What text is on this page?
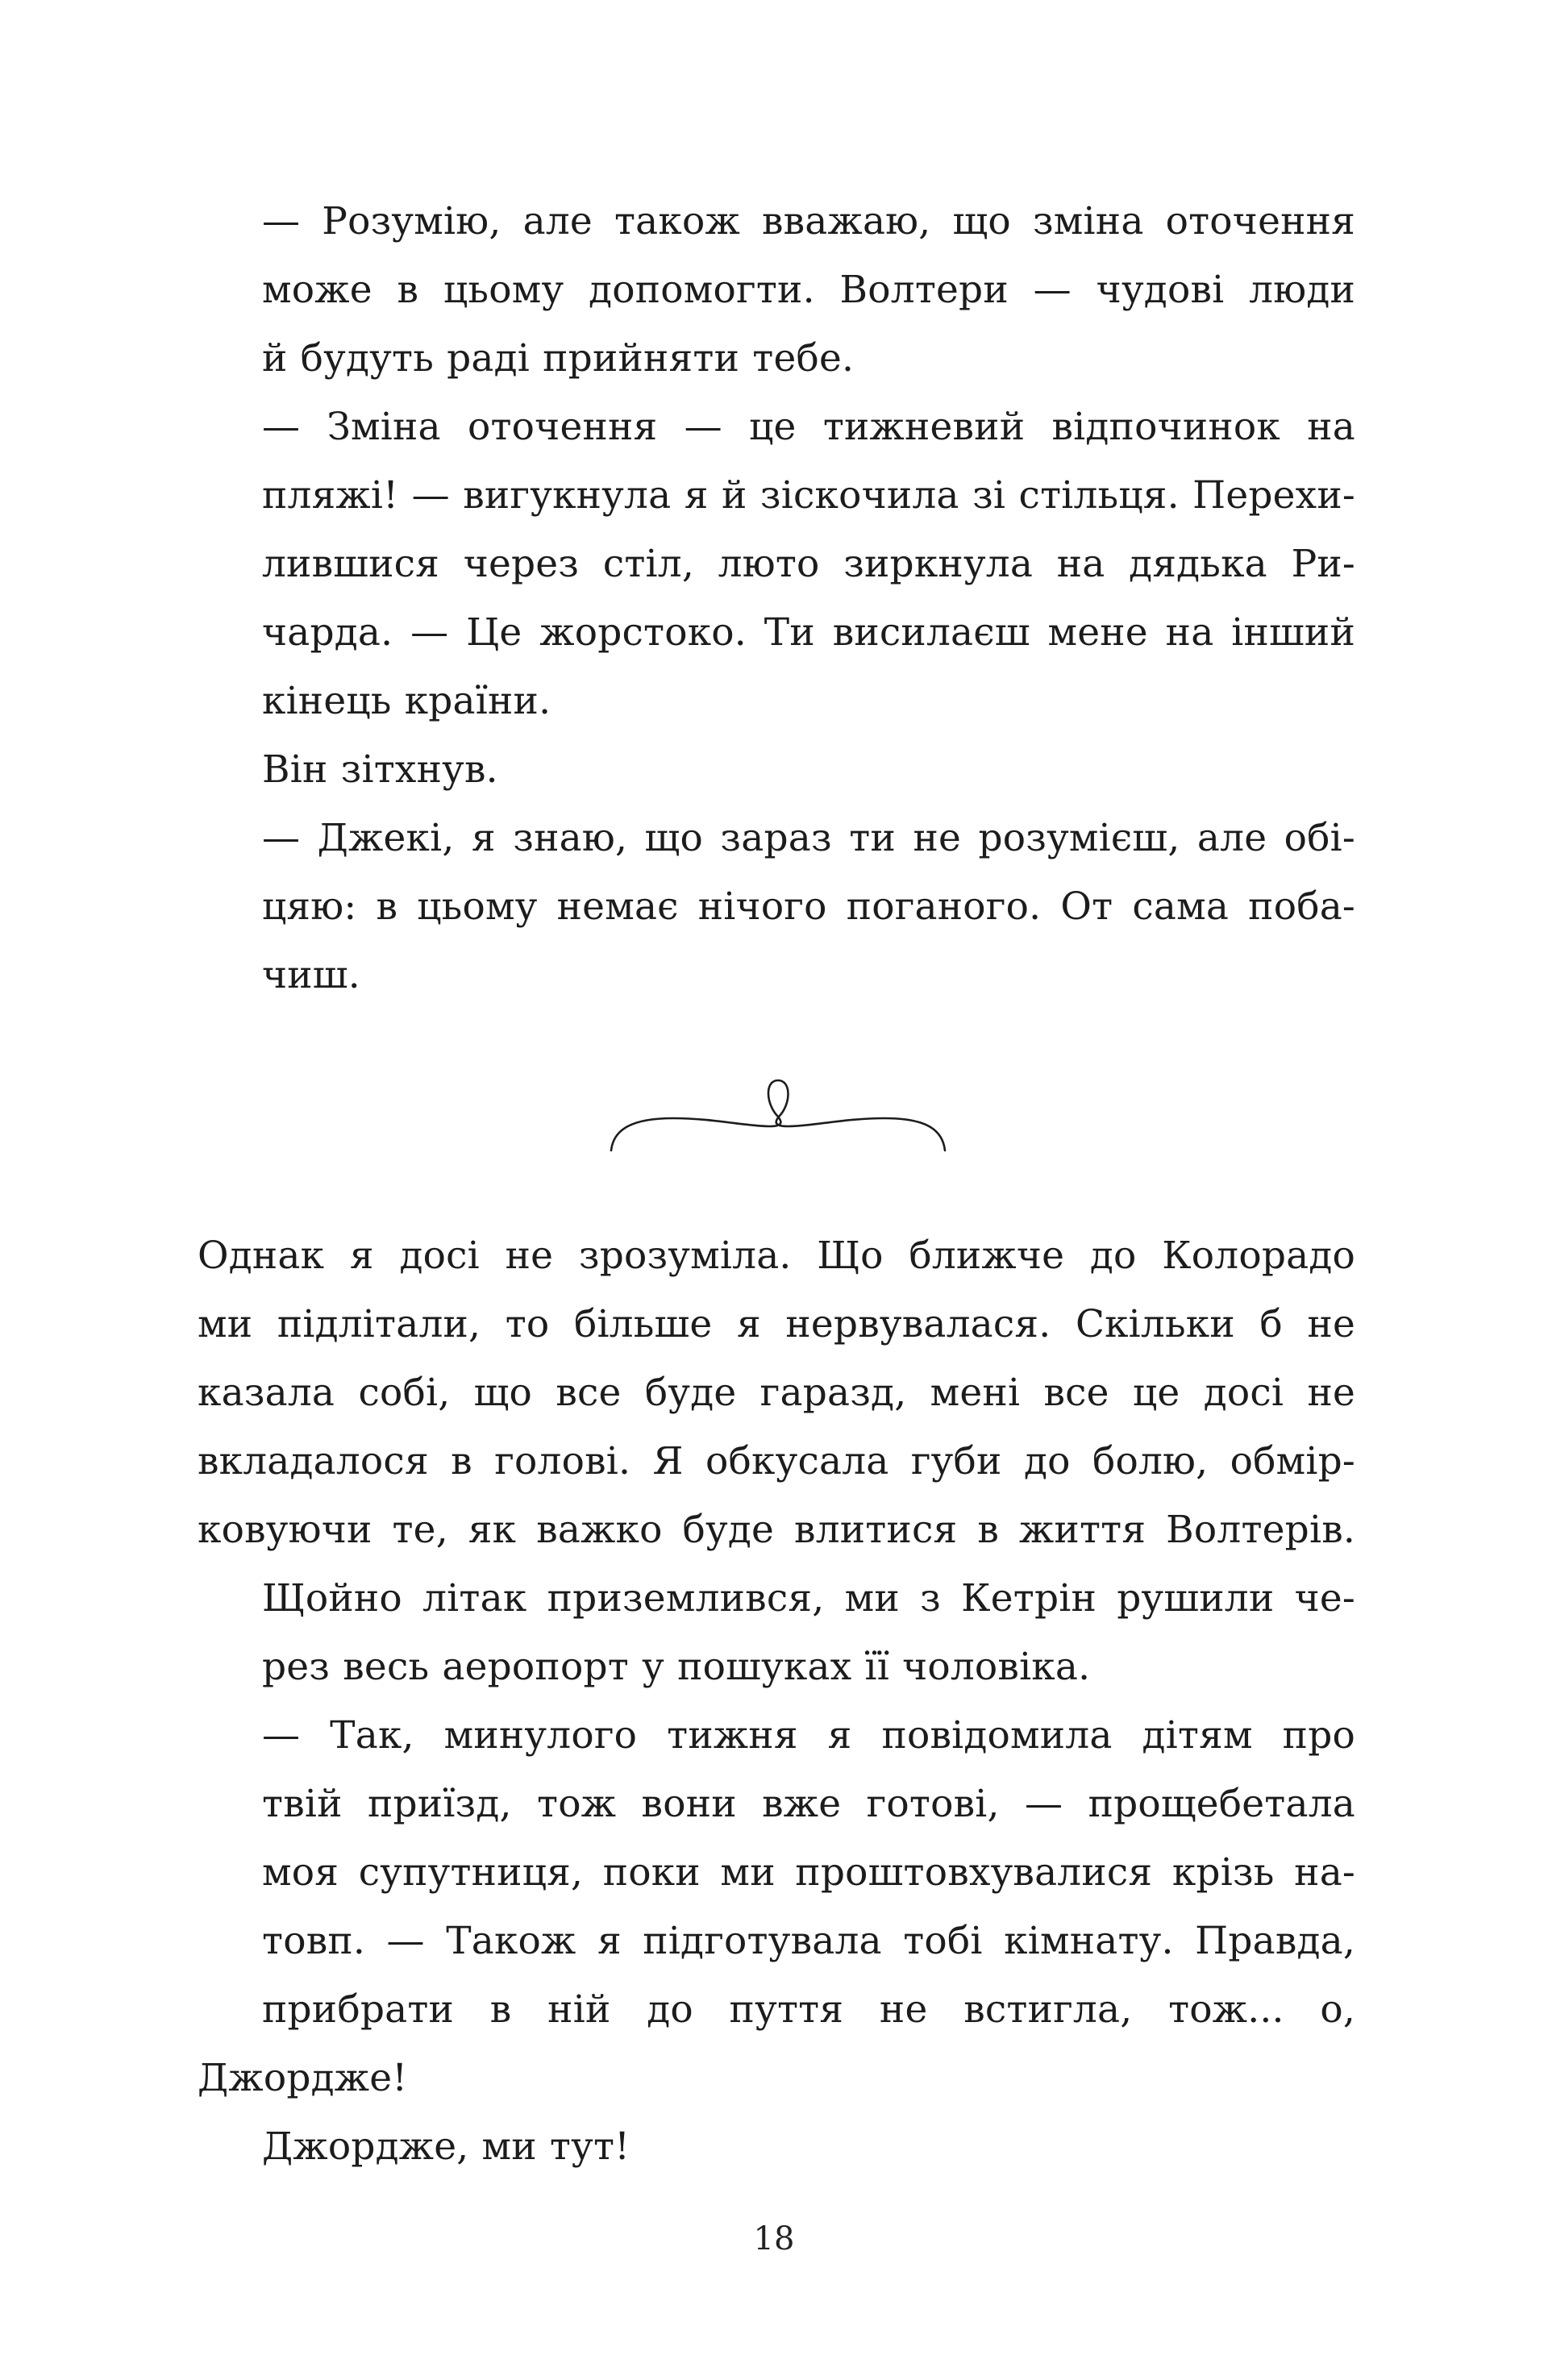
— Розумію, але також вважаю, що зміна оточення
може в цьому допомогти. Волтери — чудові люди
й будуть раді прийняти тебе.

— Зміна оточення — це тижневий відпочинок на
пляжі! — вигукнула я й зіскочила зі стільця. Перехи-
лившися через стіл, люто зиркнула на дядька Ри-
чарда. — Це жорстоко. Ти висилаєш мене на інший
кінець країни.

Він зітхнув.

— Джекі, я знаю, що зараз ти не розумієш, але обі-
цяю: в цьому немає нічого поганого. От сама поба-
чиш.

Однак я досі не зрозуміла. Що ближче до Колорадо
ми підлітали, то більше я нервувалася. Скільки б не
казала собі, що все буде гаразд, мені все це досі не
вкладалося в голові. Я обкусала губи до болю, обмір-
ковуючи те, як важко буде влитися в життя Волтерів.

Щойно літак приземлився, ми з Кетрін рушили че-
рез весь аеропорт у пошуках її чоловіка.

— Так, минулого тижня я повідомила дітям про
твій приїзд, тож вони вже готові, — прощебетала
моя супутниця, поки ми проштовхувалися крізь на-
товп. — Також я підготувала тобі кімнату. Правда,
прибрати в ній до пуття не встигла, тож... о, Джордже!
Джордже, ми тут!

18
